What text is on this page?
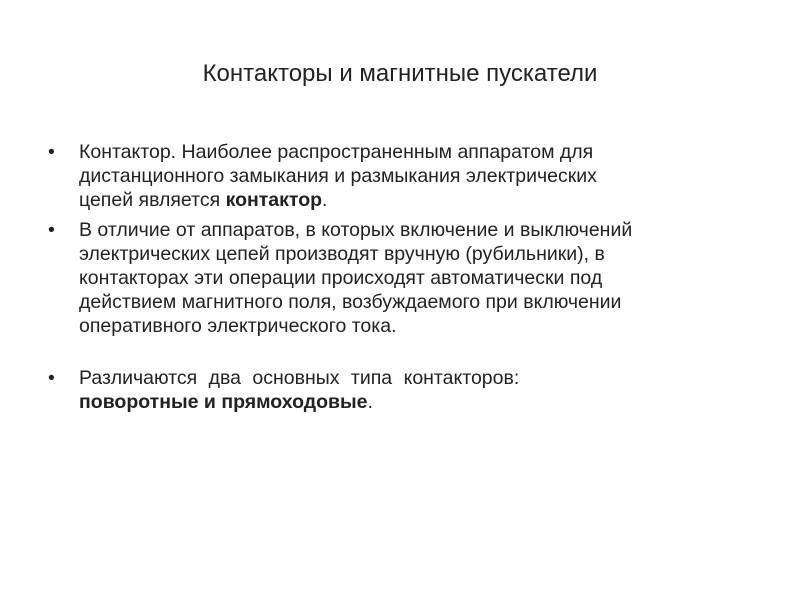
Контакторы и магнитные пускатели
•	Контактор. Наиболее распространенным аппаратом для
дистанционного замыкания и размыкания электрических
цепей является контактор.
•	В отличие от аппаратов, в которых включение и выключений
электрических цепей производят вручную (рубильники), в
контакторах эти операции происходят автоматически под
действием магнитного поля, возбуждаемого при включении
оперативного электрического тока.
•	Различаются два основных типа контакторов:
поворотные и прямоходовые.
